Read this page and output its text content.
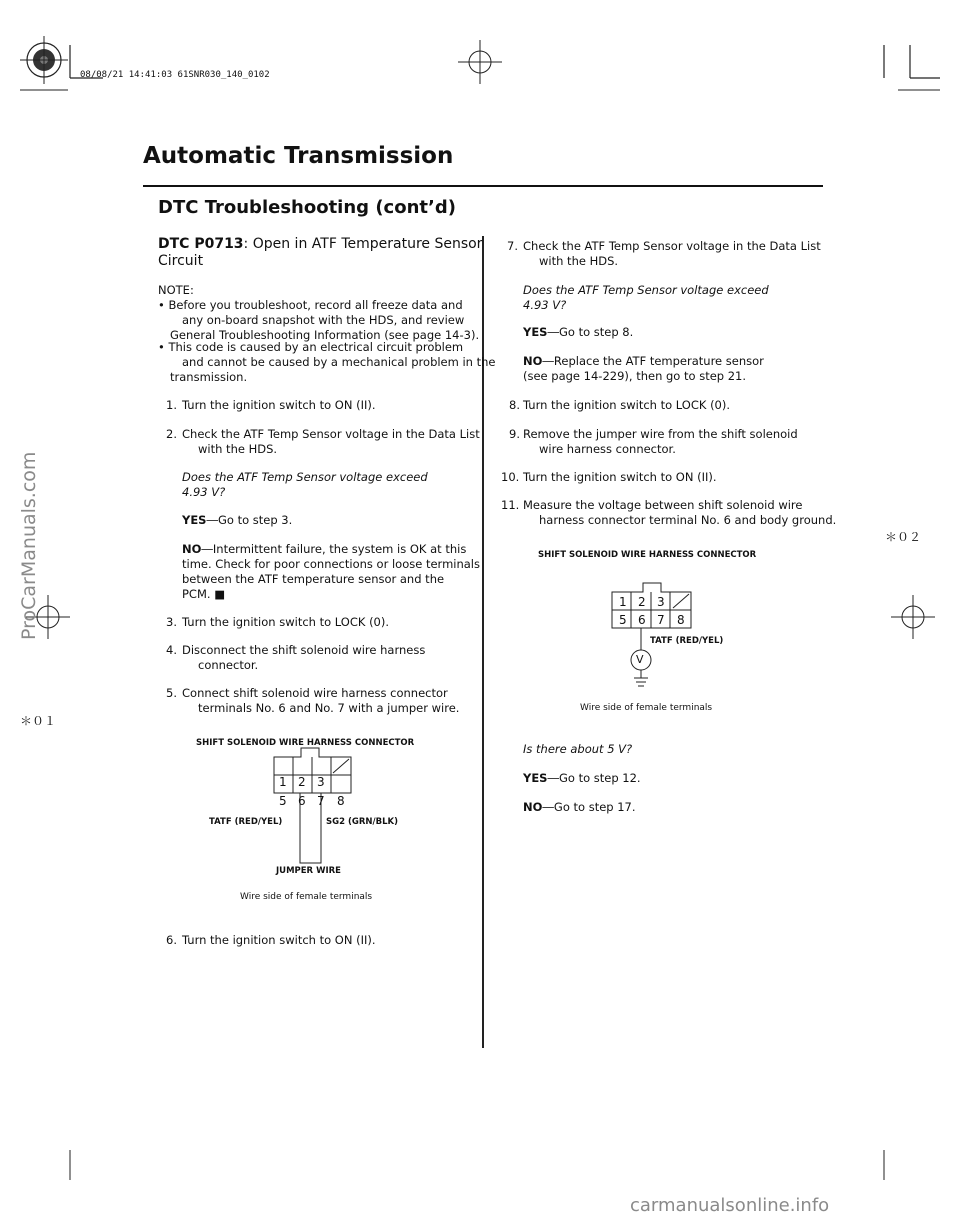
08/08/21 14:41:03 61SNR030_140_0102
Automatic Transmission
DTC Troubleshooting (cont’d)
ProCarManuals.com
carmanualsonline.info
＊０１
＊０２
DTC P0713: Open in ATF Temperature Sensor
Circuit
NOTE:
• Before you troubleshoot, record all freeze data and
any on-board snapshot with the HDS, and review
General Troubleshooting Information (see page 14-3).
• This code is caused by an electrical circuit problem
and cannot be caused by a mechanical problem in the
transmission.
1. Turn the ignition switch to ON (II).
2. Check the ATF Temp Sensor voltage in the Data List
with the HDS.
Does the ATF Temp Sensor voltage exceed
4.93 V?
YES―Go to step 3.
NO―Intermittent failure, the system is OK at this
time. Check for poor connections or loose terminals
between the ATF temperature sensor and the
PCM. ■
3. Turn the ignition switch to LOCK (0).
4. Disconnect the shift solenoid wire harness
connector.
5. Connect shift solenoid wire harness connector
terminals No. 6 and No. 7 with a jumper wire.
SHIFT SOLENOID WIRE HARNESS CONNECTOR
1 2 3
5 6 7 8
TATF (RED/YEL)	SG2 (GRN/BLK)
JUMPER WIRE
Wire side of female terminals
6. Turn the ignition switch to ON (II).
7. Check the ATF Temp Sensor voltage in the Data List
with the HDS.
Does the ATF Temp Sensor voltage exceed
4.93 V?
YES―Go to step 8.
NO―Replace the ATF temperature sensor
(see page 14-229), then go to step 21.
8. Turn the ignition switch to LOCK (0).
9. Remove the jumper wire from the shift solenoid
wire harness connector.
10. Turn the ignition switch to ON (II).
11. Measure the voltage between shift solenoid wire
harness connector terminal No. 6 and body ground.
SHIFT SOLENOID WIRE HARNESS CONNECTOR
1 2 3
5 6 7 8
TATF (RED/YEL)
V
Wire side of female terminals
Is there about 5 V?
YES―Go to step 12.
NO―Go to step 17.
